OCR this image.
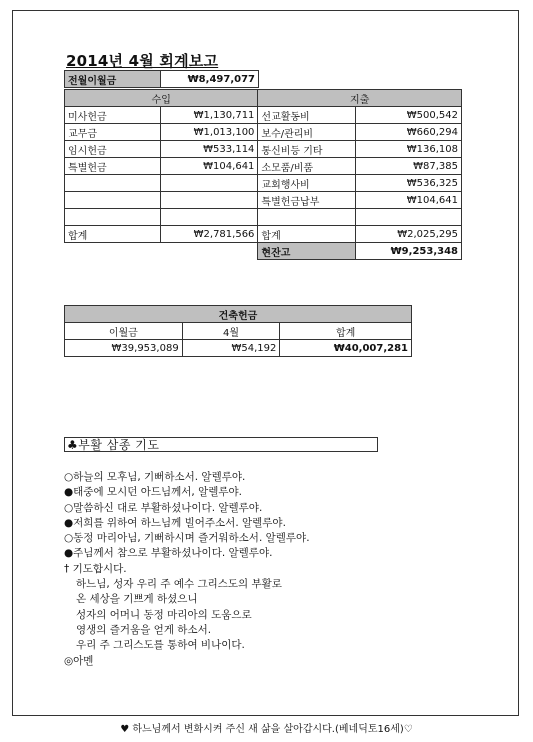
2014년 4월 회계보고
전월이월금	₩8,497,077
수입		지출	
미사헌금	₩1,130,711	선교활동비	₩500,542
교무금	₩1,013,100	보수/관리비	₩660,294
임시헌금	₩533,114	통신비등 기타	₩136,108
특별헌금	₩104,641	소모품/비품	₩87,385
		교회행사비	₩536,325
		특별헌금납부	₩104,641

합계	₩2,781,566	합계	₩2,025,295
		현잔고	₩9,253,348
건축헌금		
이월금	4월	합계
₩39,953,089	₩54,192	₩40,007,281
♣부활 삼종 기도
○하늘의 모후님, 기뻐하소서. 알렐루야.
●태중에 모시던 아드님께서, 알렐루야.
○말씀하신 대로 부활하셨나이다. 알렐루야.
●저희를 위하여 하느님께 빌어주소서. 알렐루야.
○동정 마리아님, 기뻐하시며 즐거워하소서. 알렐루야.
●주님께서 참으로 부활하셨나이다. 알렐루야.
† 기도합시다.
하느님, 성자 우리 주 예수 그리스도의 부활로
온 세상을 기쁘게 하셨으니
성자의 어머니 동정 마리아의 도움으로
영생의 즐거움을 얻게 하소서.
우리 주 그리스도를 통하여 비나이다.
◎아멘
♥ 하느님께서 변화시켜 주신 새 삶을 살아갑시다.(베네딕토16세)♡
